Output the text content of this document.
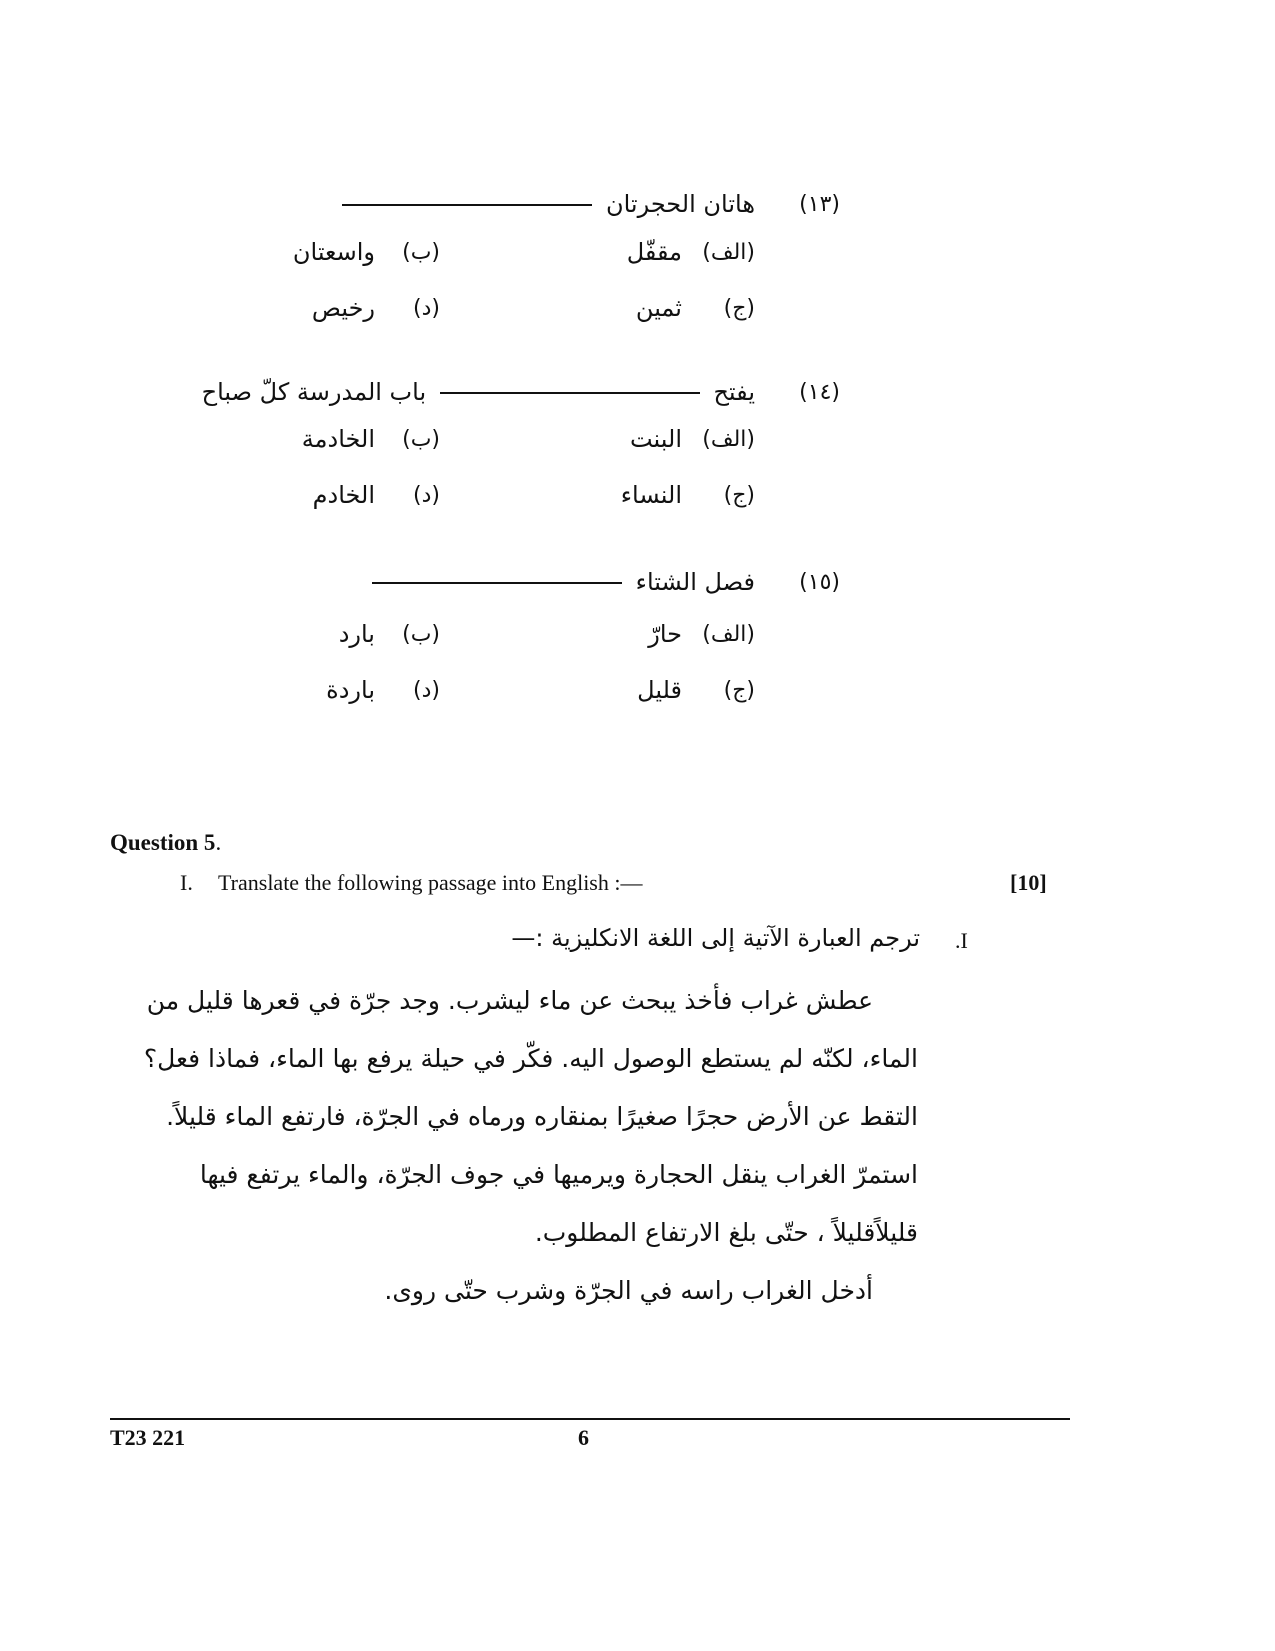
(١٣)
هاتان الحجرتان
(الف)
مقفّل
(ب)
واسعتان
(ج)
ثمين
(د)
رخيص
(١٤)
يفتح  باب المدرسة كلّ صباح
(الف)
البنت
(ب)
الخادمة
(ج)
النساء
(د)
الخادم
(١٥)
فصل الشتاء
(الف)
حارّ
(ب)
بارد
(ج)
قليل
(د)
باردة
Question 5.
I. Translate the following passage into English :—	[10]
.I
ترجم العبارة الآتية إلى اللغة الانكليزية :—
عطش غراب فأخذ يبحث عن ماء ليشرب. وجد جرّة في قعرها قليل من
الماء، لكنّه لم يستطع الوصول اليه. فكّر في حيلة يرفع بها الماء، فماذا فعل؟
التقط عن الأرض حجرًا صغيرًا بمنقاره ورماه في الجرّة، فارتفع الماء قليلاً.
استمرّ الغراب ينقل الحجارة ويرميها في جوف الجرّة، والماء يرتفع فيها
قليلاًقليلاً ، حتّى بلغ الارتفاع المطلوب.
أدخل الغراب راسه في الجرّة وشرب حتّى روى.
T23 221	6
